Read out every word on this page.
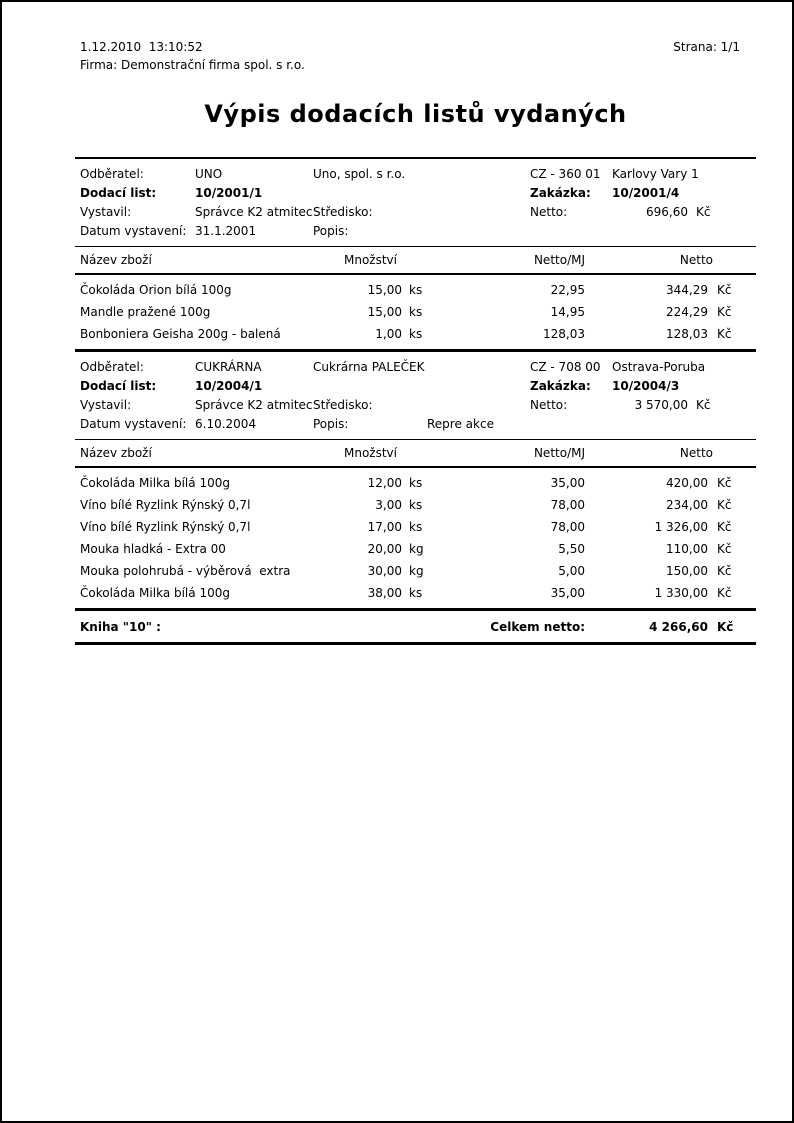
1.12.2010  13:10:52
Firma: Demonstrační firma spol. s r.o.
Strana: 1/1
Výpis dodacích listů vydaných
Odběratel:	UNO	Uno, spol. s r.o.	CZ - 360 01 Karlovy Vary 1
Dodací list:	10/2001/1	Zakázka:	10/2001/4
Vystavil:	Správce K2 atmitec Středisko:	Netto:	696,60 Kč
Datum vystavení: 31.1.2001	Popis:
Název zboží	Množství		Netto/MJ	Netto	
Čokoláda Orion bílá 100g	15,00	ks	22,95	344,29	Kč
Mandle pražené 100g	15,00	ks	14,95	224,29	Kč
Bonboniera Geisha 200g - balená	1,00	ks	128,03	128,03	Kč
Odběratel:	CUKRÁRNA	Cukrárna PALEČEK	CZ - 708 00 Ostrava-Poruba
Dodací list:	10/2004/1	Zakázka:	10/2004/3
Vystavil:	Správce K2 atmitec Středisko:	Netto:	3 570,00 Kč
Datum vystavení: 6.10.2004	Popis:	Repre akce
Název zboží	Množství		Netto/MJ	Netto	
Čokoláda Milka bílá 100g	12,00	ks	35,00	420,00	Kč
Víno bílé Ryzlink Rýnský 0,7l	3,00	ks	78,00	234,00	Kč
Víno bílé Ryzlink Rýnský 0,7l	17,00	ks	78,00	1 326,00	Kč
Mouka hladká - Extra 00	20,00	kg	5,50	110,00	Kč
Mouka polohrubá - výběrová  extra	30,00	kg	5,00	150,00	Kč
Čokoláda Milka bílá 100g	38,00	ks	35,00	1 330,00	Kč
Kniha "10" :	Celkem netto:	4 266,60 Kč
